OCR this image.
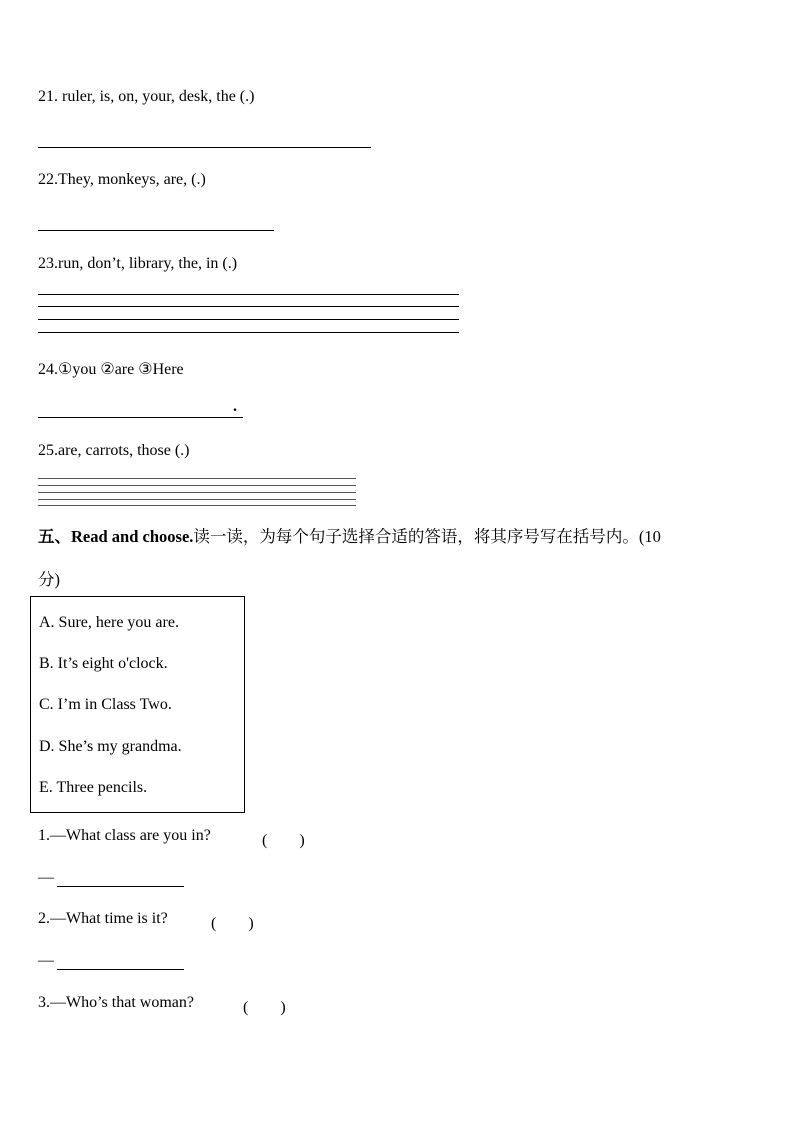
21. ruler, is, on, your, desk, the (.)
22.They, monkeys, are, (.)
23.run, don’t, library, the, in (.)
24.①you ②are ③Here
.
25.are, carrots, those (.)
五、Read and choose.读一读，为每个句子选择合适的答语，将其序号写在括号内。(10
分)
A. Sure, here you are.
B. It’s eight o'clock.
C. I’m in Class Two.
D. She’s my grandma.
E. Three pencils.
1.—What class are you in?	(　　)
—
2.—What time is it?	(　　)
—
3.—Who’s that woman?	(　　)
